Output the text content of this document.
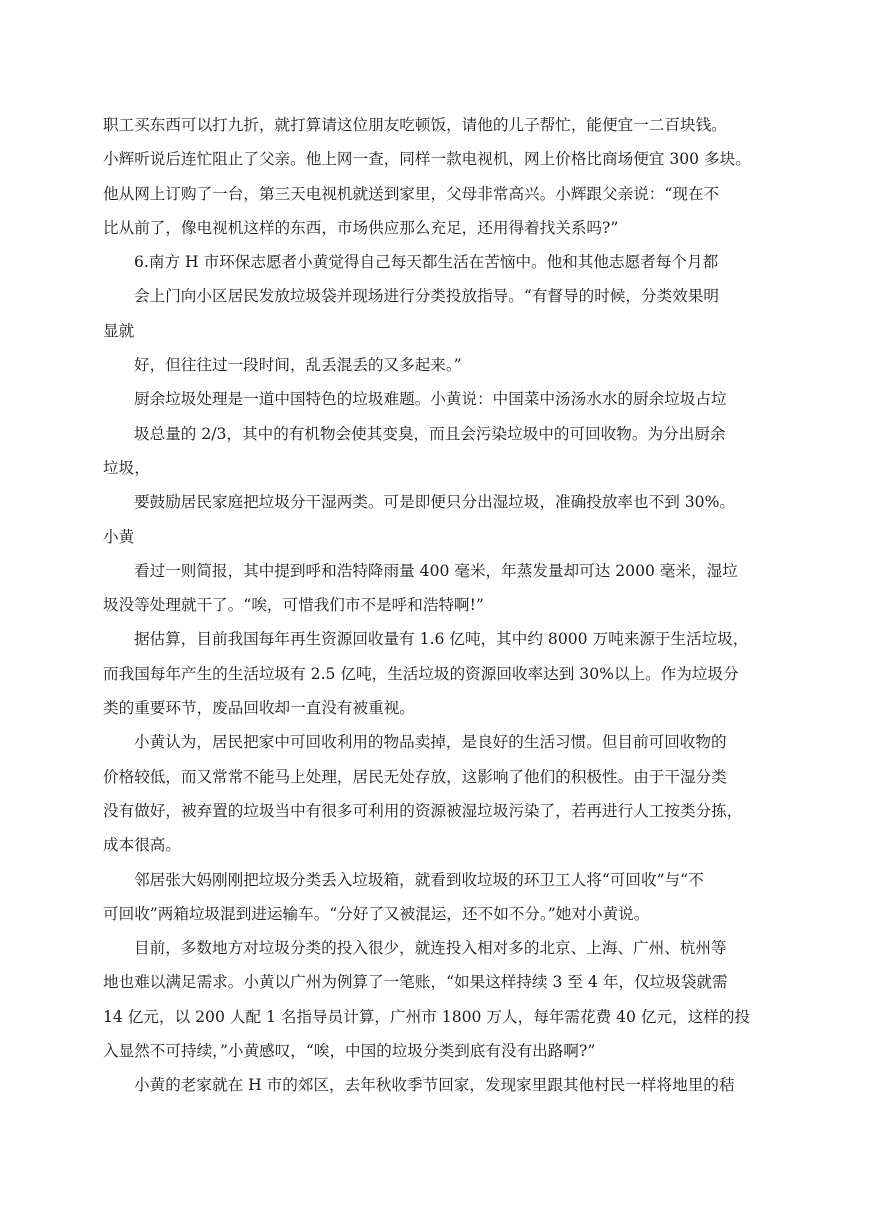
职工买东西可以打九折，就打算请这位朋友吃顿饭，请他的儿子帮忙，能便宜一二百块钱。
小辉听说后连忙阻止了父亲。他上网一查，同样一款电视机，网上价格比商场便宜 300 多块。
他从网上订购了一台，第三天电视机就送到家里，父母非常高兴。小辉跟父亲说：“现在不
比从前了，像电视机这样的东西，市场供应那么充足，还用得着找关系吗?”
6.南方 H 市环保志愿者小黄觉得自己每天都生活在苦恼中。他和其他志愿者每个月都
会上门向小区居民发放垃圾袋并现场进行分类投放指导。“有督导的时候，分类效果明
显就
好，但往往过一段时间，乱丢混丢的又多起来。”
厨余垃圾处理是一道中国特色的垃圾难题。小黄说：中国菜中汤汤水水的厨余垃圾占垃
圾总量的 2/3，其中的有机物会使其变臭，而且会污染垃圾中的可回收物。为分出厨余
垃圾，
要鼓励居民家庭把垃圾分干湿两类。可是即便只分出湿垃圾，准确投放率也不到 30%。
小黄
看过一则简报，其中提到呼和浩特降雨量 400 毫米，年蒸发量却可达 2000 毫米，湿垃
圾没等处理就干了。“唉，可惜我们市不是呼和浩特啊!”
据估算，目前我国每年再生资源回收量有 1.6 亿吨，其中约 8000 万吨来源于生活垃圾，
而我国每年产生的生活垃圾有 2.5 亿吨，生活垃圾的资源回收率达到 30%以上。作为垃圾分
类的重要环节，废品回收却一直没有被重视。
小黄认为，居民把家中可回收利用的物品卖掉，是良好的生活习惯。但目前可回收物的
价格较低，而又常常不能马上处理，居民无处存放，这影响了他们的积极性。由于干湿分类
没有做好，被弃置的垃圾当中有很多可利用的资源被湿垃圾污染了，若再进行人工按类分拣，
成本很高。
邻居张大妈刚刚把垃圾分类丢入垃圾箱，就看到收垃圾的环卫工人将“可回收”与“不
可回收”两箱垃圾混到进运输车。“分好了又被混运，还不如不分。”她对小黄说。
目前，多数地方对垃圾分类的投入很少，就连投入相对多的北京、上海、广州、杭州等
地也难以满足需求。小黄以广州为例算了一笔账，“如果这样持续 3 至 4 年，仅垃圾袋就需
14 亿元，以 200 人配 1 名指导员计算，广州市 1800 万人，每年需花费 40 亿元，这样的投
入显然不可持续，”小黄感叹，“唉，中国的垃圾分类到底有没有出路啊?”
小黄的老家就在 H 市的郊区，去年秋收季节回家，发现家里跟其他村民一样将地里的秸
